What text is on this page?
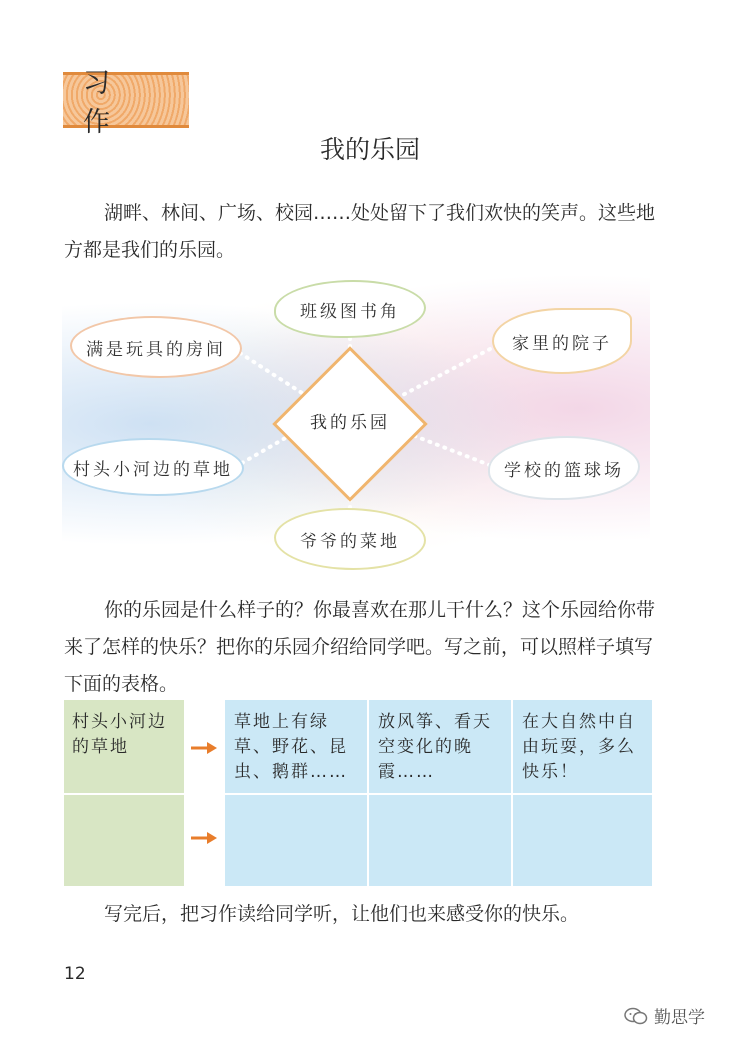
习 作
我的乐园

湖畔、林间、广场、校园……处处留下了我们欢快的笑声。这些地方都是我们的乐园。

班级图书角
满是玩具的房间	家里的院子
我的乐园
村头小河边的草地	学校的篮球场
爷爷的菜地

你的乐园是什么样子的？你最喜欢在那儿干什么？这个乐园给你带来了怎样的快乐？把你的乐园介绍给同学吧。写之前，可以照样子填写下面的表格。

村头小河边的草地
草地上有绿草、野花、昆虫、鹅群……
放风筝、看天空变化的晚霞……
在大自然中自由玩耍，多么快乐！

写完后，把习作读给同学听，让他们也来感受你的快乐。

12
勤思学
